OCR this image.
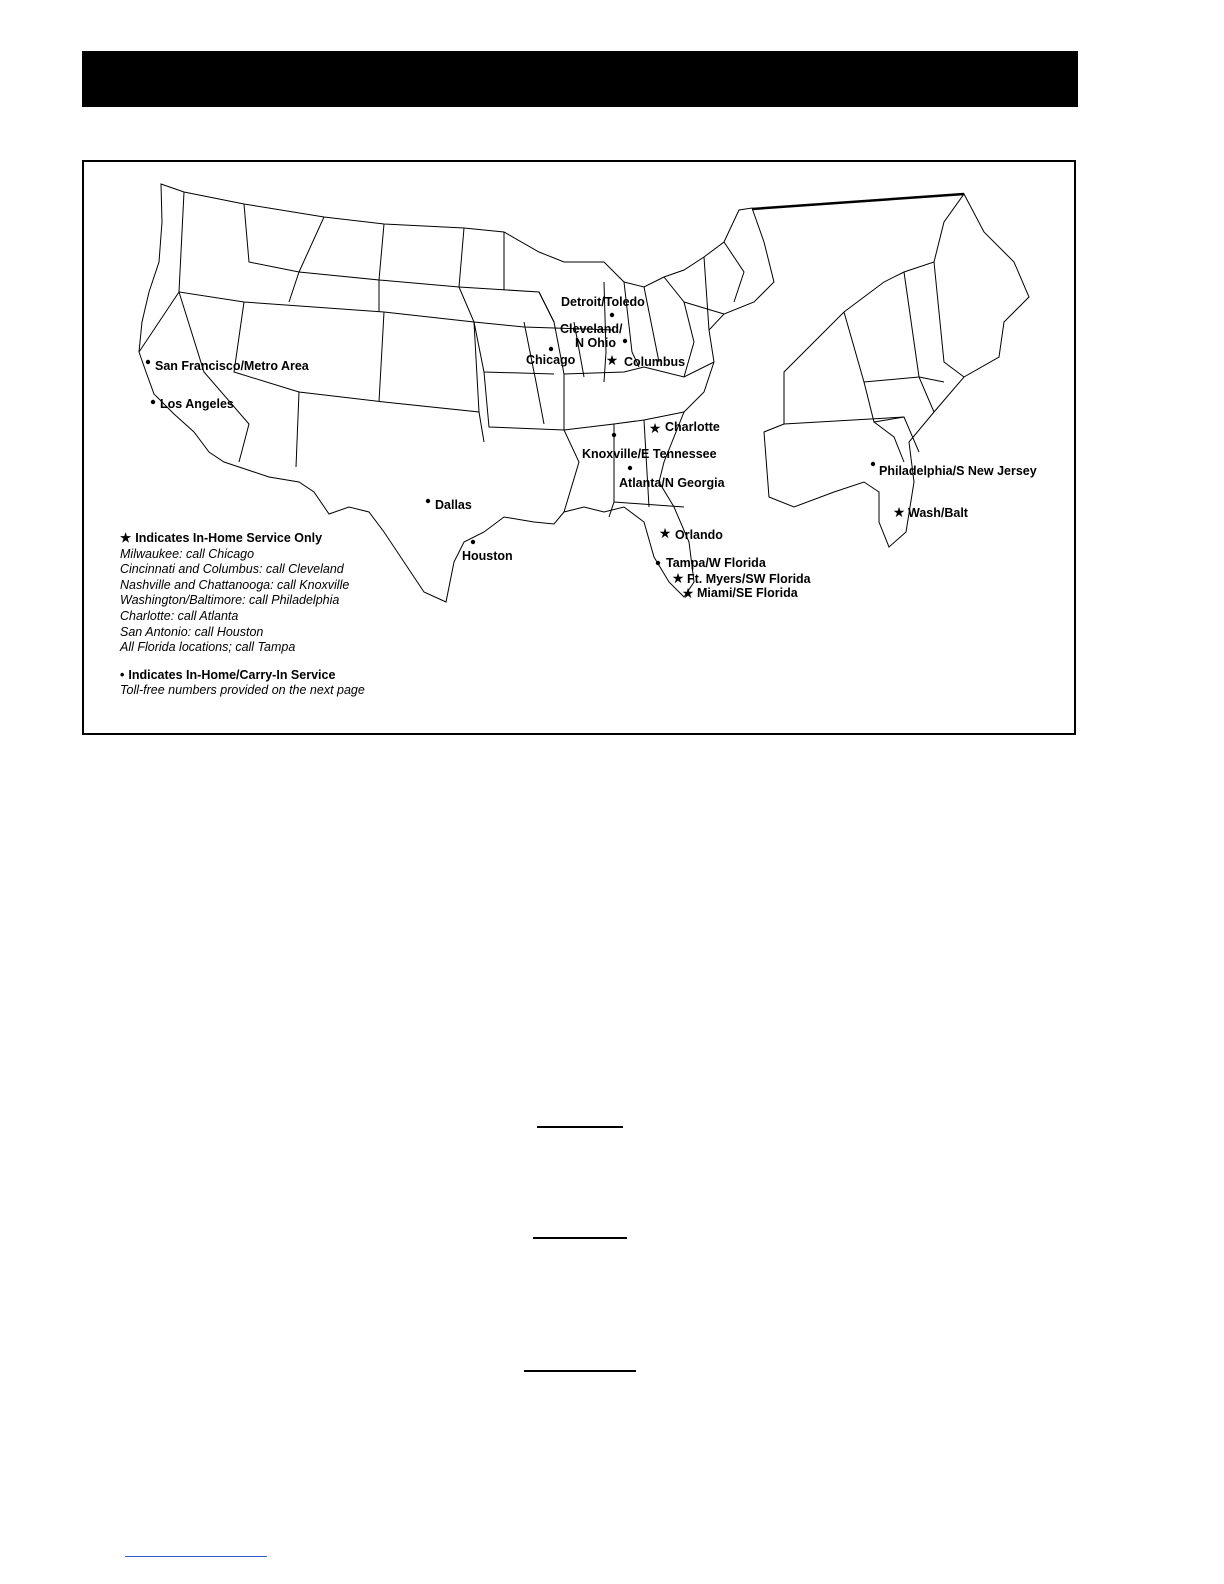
★
★
★
★
★
★
Detroit/Toledo
Cleveland/
N Ohio
Chicago	Columbus
San Francisco/Metro Area
Los Angeles
Charlotte
Knoxville/E Tennessee
Atlanta/N Georgia
Philadelphia/S New Jersey
Dallas
Wash/Balt
Orlando
Houston	Tampa/W Florida
Ft. Myers/SW Florida
Miami/SE Florida
★ Indicates In-Home Service Only
Milwaukee: call Chicago
Cincinnati and Columbus: call Cleveland
Nashville and Chattanooga: call Knoxville
Washington/Baltimore: call Philadelphia
Charlotte: call Atlanta
San Antonio: call Houston
All Florida locations; call Tampa
• Indicates In-Home/Carry-In Service
Toll-free numbers provided on the next page
